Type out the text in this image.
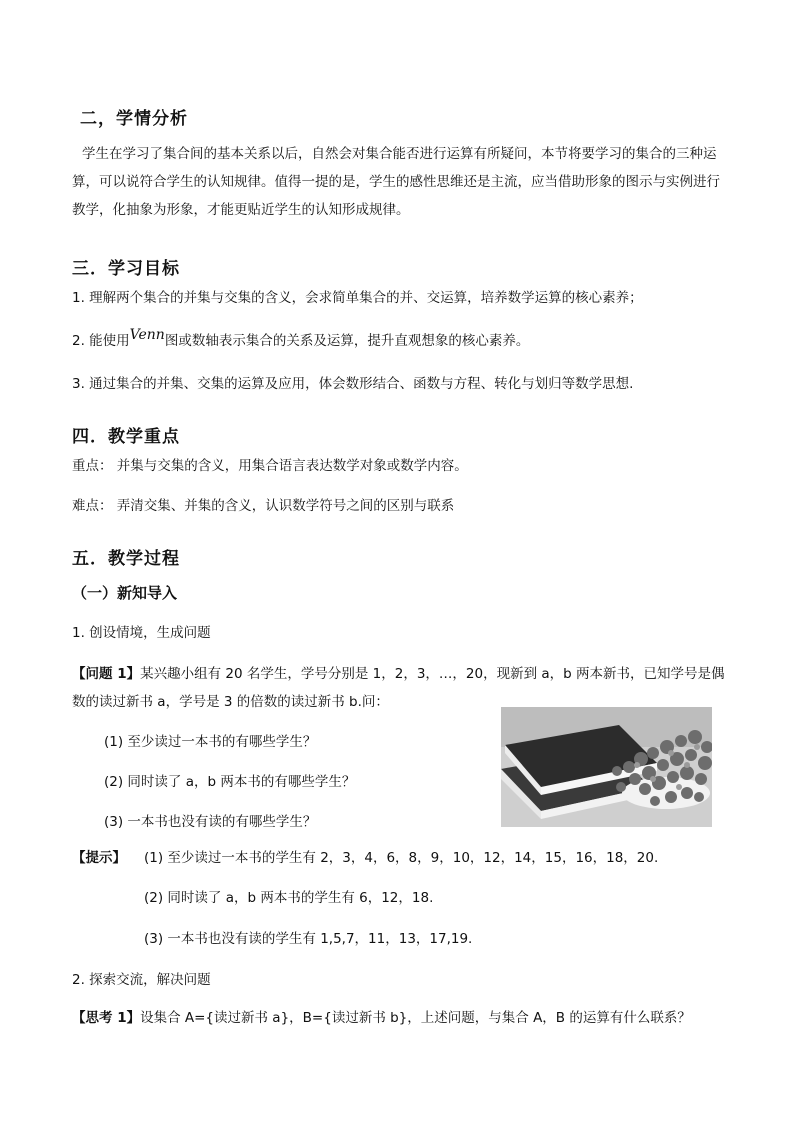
二，学情分析
学生在学习了集合间的基本关系以后，自然会对集合能否进行运算有所疑问，本节将要学习的集合的三种运算，可以说符合学生的认知规律。值得一提的是，学生的感性思维还是主流，应当借助形象的图示与实例进行教学，化抽象为形象，才能更贴近学生的认知形成规律。
三．学习目标
1. 理解两个集合的并集与交集的含义，会求简单集合的并、交运算，培养数学运算的核心素养；
2. 能使用Venn图或数轴表示集合的关系及运算，提升直观想象的核心素养。
3. 通过集合的并集、交集的运算及应用，体会数形结合、函数与方程、转化与划归等数学思想.
四．教学重点
重点： 并集与交集的含义，用集合语言表达数学对象或数学内容。
难点： 弄清交集、并集的含义，认识数学符号之间的区别与联系
五．教学过程
（一）新知导入
1. 创设情境，生成问题
【问题 1】某兴趣小组有 20 名学生，学号分别是 1，2，3，…，20，现新到 a，b 两本新书，已知学号是偶
数的读过新书 a，学号是 3 的倍数的读过新书 b.问：
(1) 至少读过一本书的有哪些学生？
(2) 同时读了 a，b 两本书的有哪些学生？
(3) 一本书也没有读的有哪些学生？
【提示】 (1) 至少读过一本书的学生有 2，3，4，6，8，9，10，12，14，15，16，18，20.
(2) 同时读了 a，b 两本书的学生有 6，12，18.
(3) 一本书也没有读的学生有 1,5,7，11，13，17,19.
2. 探索交流，解决问题
【思考 1】设集合 A={读过新书 a}，B={读过新书 b}，上述问题，与集合 A，B 的运算有什么联系？
